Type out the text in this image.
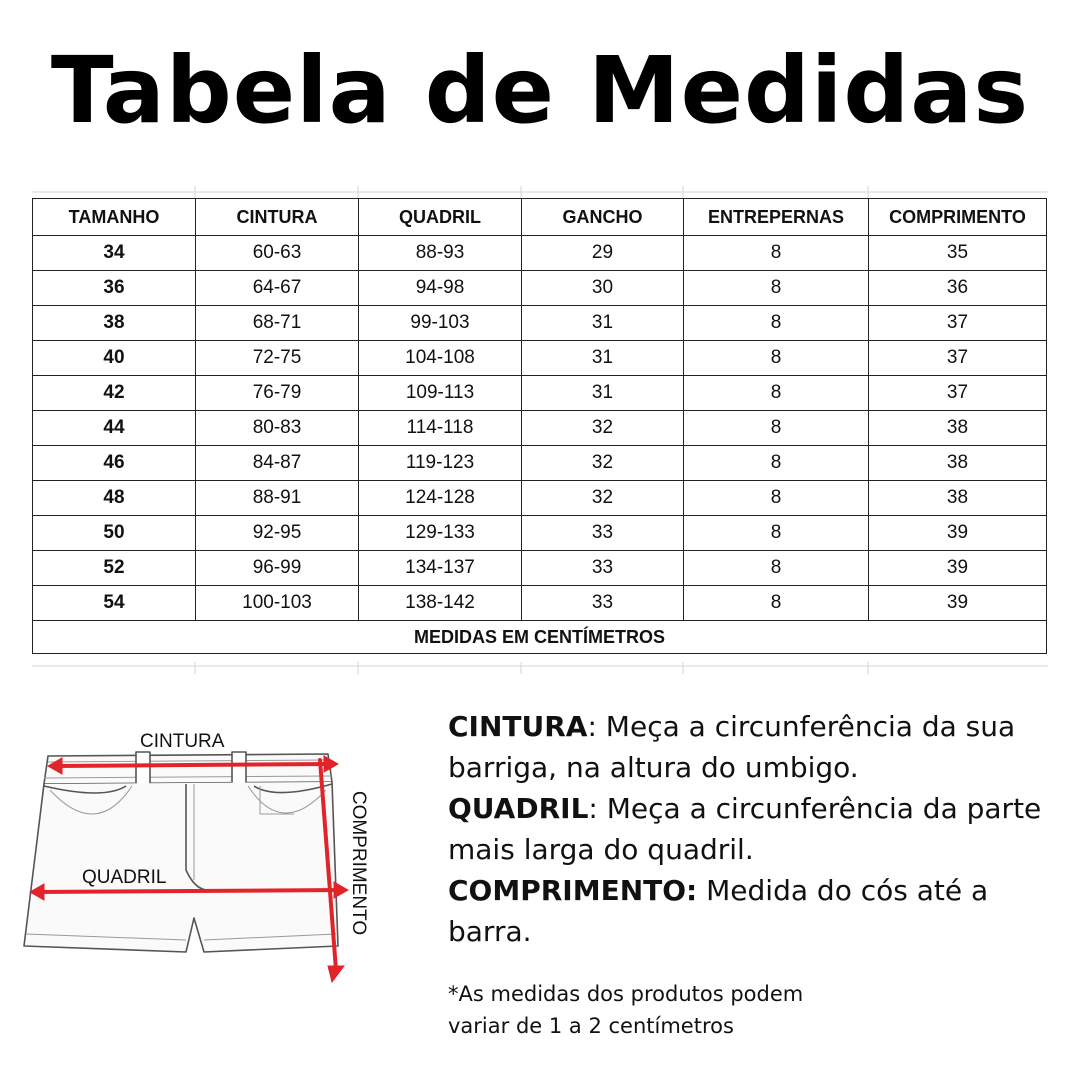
Tabela de Medidas
TAMANHO	CINTURA	QUADRIL	GANCHO	ENTREPERNAS	COMPRIMENTO
34	60-63	88-93	29	8	35
36	64-67	94-98	30	8	36
38	68-71	99-103	31	8	37
40	72-75	104-108	31	8	37
42	76-79	109-113	31	8	37
44	80-83	114-118	32	8	38
46	84-87	119-123	32	8	38
48	88-91	124-128	32	8	38
50	92-95	129-133	33	8	39
52	96-99	134-137	33	8	39
54	100-103	138-142	33	8	39
MEDIDAS EM CENTÍMETROS					
CINTURA
QUADRIL	COMPRIMENTO
CINTURA: Meça a circunferência da sua barriga, na altura do umbigo.
QUADRIL: Meça a circunferência da parte mais larga do quadril.
COMPRIMENTO: Medida do cós até a barra.
*As medidas dos produtos podem
variar de 1 a 2 centímetros
